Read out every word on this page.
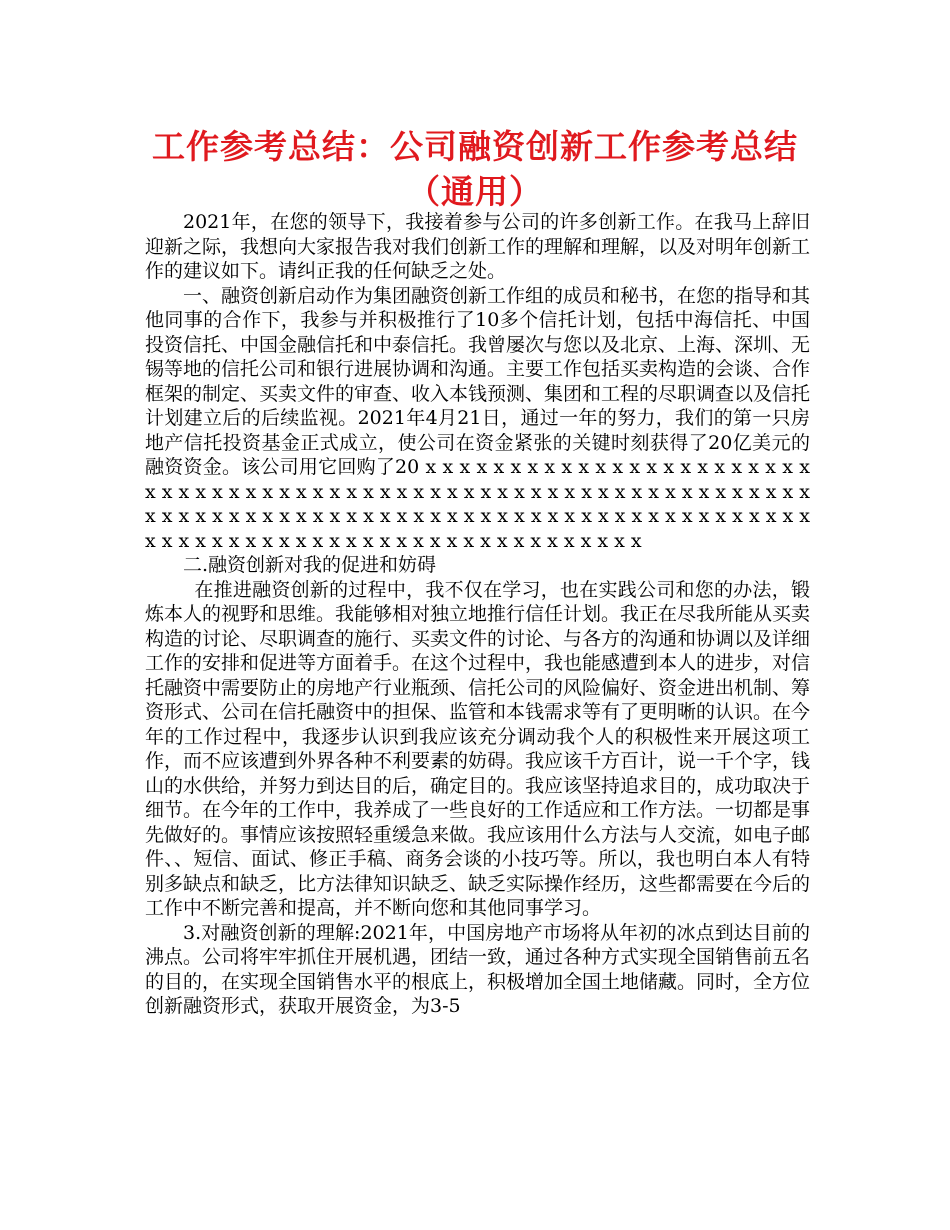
工作参考总结：公司融资创新工作参考总结（通用）

2021年，在您的领导下，我接着参与公司的许多创新工作。在我马上辞旧迎新之际，我想向大家报告我对我们创新工作的理解和理解，以及对明年创新工作的建议如下。请纠正我的任何缺乏之处。

一、融资创新启动作为集团融资创新工作组的成员和秘书，在您的指导和其他同事的合作下，我参与并积极推行了10多个信托计划，包括中海信托、中国投资信托、中国金融信托和中泰信托。我曾屡次与您以及北京、上海、深圳、无锡等地的信托公司和银行进展协调和沟通。主要工作包括买卖构造的会谈、合作框架的制定、买卖文件的审查、收入本钱预测、集团和工程的尽职调查以及信托计划建立后的后续监视。2021年4月21日，通过一年的努力，我们的第一只房地产信托投资基金正式成立，使公司在资金紧张的关键时刻获得了20亿美元的融资资金。该公司用它回购了20 x x x x x x x x x x x x x x x x x x x x x x x x x x x x x x x x x x x x x x x x x x x x x x x x x x x x x x x x x x x x x x x x x x x x x x x x x x x x x x x x x x x x x x x x x x x x x x x x x x x x x x x x x x x x x x x x x x x x x x x x x x x x x x x x x x x x x

二.融资创新对我的促进和妨碍

在推进融资创新的过程中，我不仅在学习，也在实践公司和您的办法，锻炼本人的视野和思维。我能够相对独立地推行信任计划。我正在尽我所能从买卖构造的讨论、尽职调查的施行、买卖文件的讨论、与各方的沟通和协调以及详细工作的安排和促进等方面着手。在这个过程中，我也能感遭到本人的进步，对信托融资中需要防止的房地产行业瓶颈、信托公司的风险偏好、资金进出机制、筹资形式、公司在信托融资中的担保、监管和本钱需求等有了更明晰的认识。在今年的工作过程中，我逐步认识到我应该充分调动我个人的积极性来开展这项工作，而不应该遭到外界各种不利要素的妨碍。我应该千方百计，说一千个字，钱山的水供给，并努力到达目的后，确定目的。我应该坚持追求目的，成功取决于细节。在今年的工作中，我养成了一些良好的工作适应和工作方法。一切都是事先做好的。事情应该按照轻重缓急来做。我应该用什么方法与人交流，如电子邮件、、短信、面试、修正手稿、商务会谈的小技巧等。所以，我也明白本人有特别多缺点和缺乏，比方法律知识缺乏、缺乏实际操作经历，这些都需要在今后的工作中不断完善和提高，并不断向您和其他同事学习。

3.对融资创新的理解:2021年，中国房地产市场将从年初的冰点到达目前的沸点。公司将牢牢抓住开展机遇，团结一致，通过各种方式实现全国销售前五名的目的，在实现全国销售水平的根底上，积极增加全国土地储藏。同时，全方位创新融资形式，获取开展资金，为3-5
